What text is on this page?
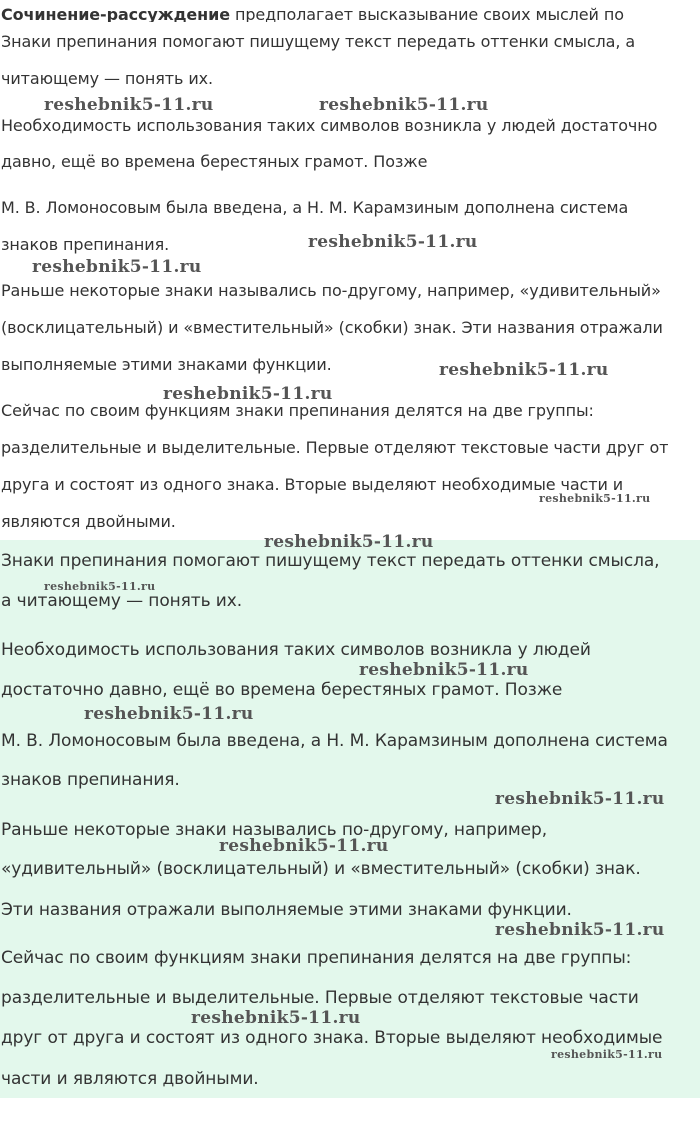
Сочинение-рассуждение предполагает высказывание своих мыслей по
Знаки препинания помогают пишущему текст передать оттенки смысла, а
читающему — понять их.
Необходимость использования таких символов возникла у людей достаточно
давно, ещё во времена берестяных грамот. Позже
М. В. Ломоносовым была введена, а Н. М. Карамзиным дополнена система
знаков препинания.
Раньше некоторые знаки назывались по-другому, например, «удивительный»
(восклицательный) и «вместительный» (скобки) знак. Эти названия отражали
выполняемые этими знаками функции.
Сейчас по своим функциям знаки препинания делятся на две группы:
разделительные и выделительные. Первые отделяют текстовые части друг от
друга и состоят из одного знака. Вторые выделяют необходимые части и
являются двойными.
Знаки препинания помогают пишущему текст передать оттенки смысла,
а читающему — понять их.
Необходимость использования таких символов возникла у людей
достаточно давно, ещё во времена берестяных грамот. Позже
М. В. Ломоносовым была введена, а Н. М. Карамзиным дополнена система
знаков препинания.
Раньше некоторые знаки назывались по-другому, например,
«удивительный» (восклицательный) и «вместительный» (скобки) знак.
Эти названия отражали выполняемые этими знаками функции.
Сейчас по своим функциям знаки препинания делятся на две группы:
разделительные и выделительные. Первые отделяют текстовые части
друг от друга и состоят из одного знака. Вторые выделяют необходимые
части и являются двойными.
reshebnik5-11.ru	reshebnik5-11.ru
reshebnik5-11.ru
reshebnik5-11.ru
reshebnik5-11.ru
reshebnik5-11.ru
reshebnik5-11.ru
reshebnik5-11.ru
reshebnik5-11.ru
reshebnik5-11.ru
reshebnik5-11.ru
reshebnik5-11.ru
reshebnik5-11.ru
reshebnik5-11.ru
reshebnik5-11.ru
reshebnik5-11.ru
